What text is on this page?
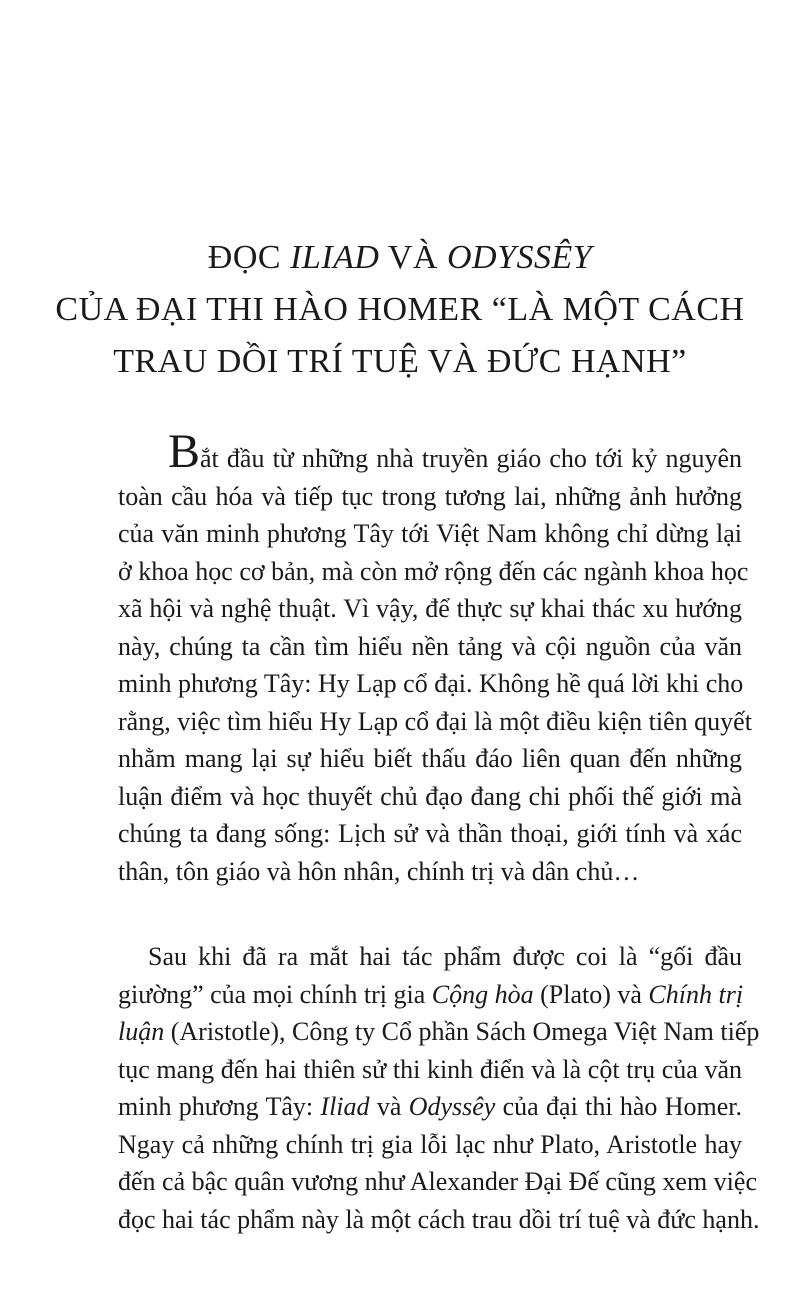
ĐỌC ILIAD VÀ ODYSSÊY
CỦA ĐẠI THI HÀO HOMER “LÀ MỘT CÁCH
TRAU DỒI TRÍ TUỆ VÀ ĐỨC HẠNH”
Bắt đầu từ những nhà truyền giáo cho tới kỷ nguyên
toàn cầu hóa và tiếp tục trong tương lai, những ảnh hưởng
của văn minh phương Tây tới Việt Nam không chỉ dừng lại
ở khoa học cơ bản, mà còn mở rộng đến các ngành khoa học
xã hội và nghệ thuật. Vì vậy, để thực sự khai thác xu hướng
này, chúng ta cần tìm hiểu nền tảng và cội nguồn của văn
minh phương Tây: Hy Lạp cổ đại. Không hề quá lời khi cho
rằng, việc tìm hiểu Hy Lạp cổ đại là một điều kiện tiên quyết
nhằm mang lại sự hiểu biết thấu đáo liên quan đến những
luận điểm và học thuyết chủ đạo đang chi phối thế giới mà
chúng ta đang sống: Lịch sử và thần thoại, giới tính và xác
thân, tôn giáo và hôn nhân, chính trị và dân chủ…
Sau khi đã ra mắt hai tác phẩm được coi là “gối đầu
giường” của mọi chính trị gia Cộng hòa (Plato) và Chính trị
luận (Aristotle), Công ty Cổ phần Sách Omega Việt Nam tiếp
tục mang đến hai thiên sử thi kinh điển và là cột trụ của văn
minh phương Tây: Iliad và Odyssêy của đại thi hào Homer.
Ngay cả những chính trị gia lỗi lạc như Plato, Aristotle hay
đến cả bậc quân vương như Alexander Đại Đế cũng xem việc
đọc hai tác phẩm này là một cách trau dồi trí tuệ và đức hạnh.
